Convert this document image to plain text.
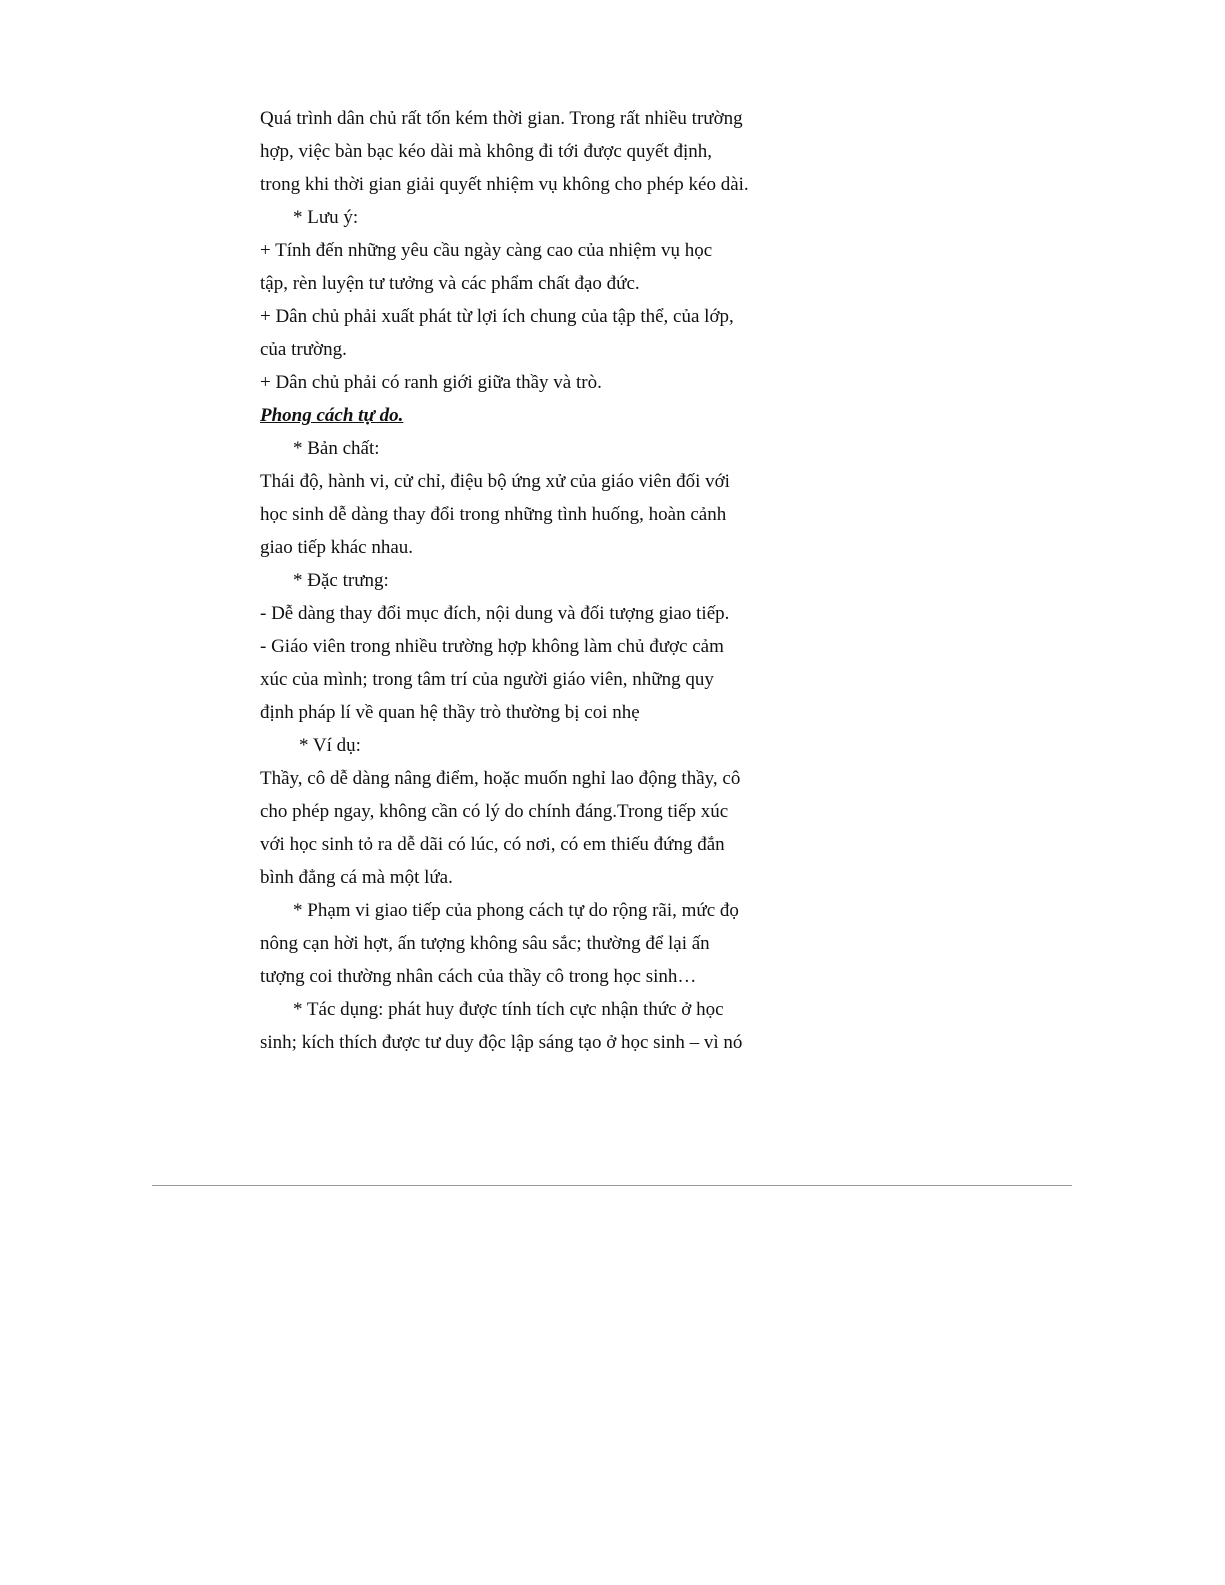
Quá trình dân chủ rất tốn kém thời gian. Trong rất nhiều trường
hợp, việc bàn bạc kéo dài mà không đi tới được quyết định,
trong khi thời gian giải quyết nhiệm vụ không cho phép kéo dài.
* Lưu ý:
+ Tính đến những yêu cầu ngày càng cao của nhiệm vụ học
tập, rèn luyện tư tưởng và các phẩm chất đạo đức.
+ Dân chủ phải xuất phát từ lợi ích chung của tập thể, của lớp,
của trường.
+ Dân chủ phải có ranh giới giữa thầy và trò.
Phong cách tự do.
* Bản chất:
Thái độ, hành vi, cử chỉ, điệu bộ ứng xử của giáo viên đối với
học sinh dễ dàng thay đổi trong những tình huống, hoàn cảnh
giao tiếp khác nhau.
* Đặc trưng:
- Dễ dàng thay đổi mục đích, nội dung và đối tượng giao tiếp.
- Giáo viên trong nhiều trường hợp không làm chủ được cảm
xúc của mình; trong tâm trí của người giáo viên, những quy
định pháp lí về quan hệ thầy trò thường bị coi nhẹ
* Ví dụ:
Thầy, cô dễ dàng nâng điểm, hoặc muốn nghỉ lao động thầy, cô
cho phép ngay, không cần có lý do chính đáng.Trong tiếp xúc
với học sinh tỏ ra dễ dãi có lúc, có nơi, có em thiếu đứng đắn
bình đẳng cá mà một lứa.
* Phạm vi giao tiếp của phong cách tự do rộng rãi, mức đọ
nông cạn hời hợt, ấn tượng không sâu sắc; thường để lại ấn
tượng coi thường nhân cách của thầy cô trong học sinh…
* Tác dụng: phát huy được tính tích cực nhận thức ở học
sinh; kích thích được tư duy độc lập sáng tạo ở học sinh – vì nó
